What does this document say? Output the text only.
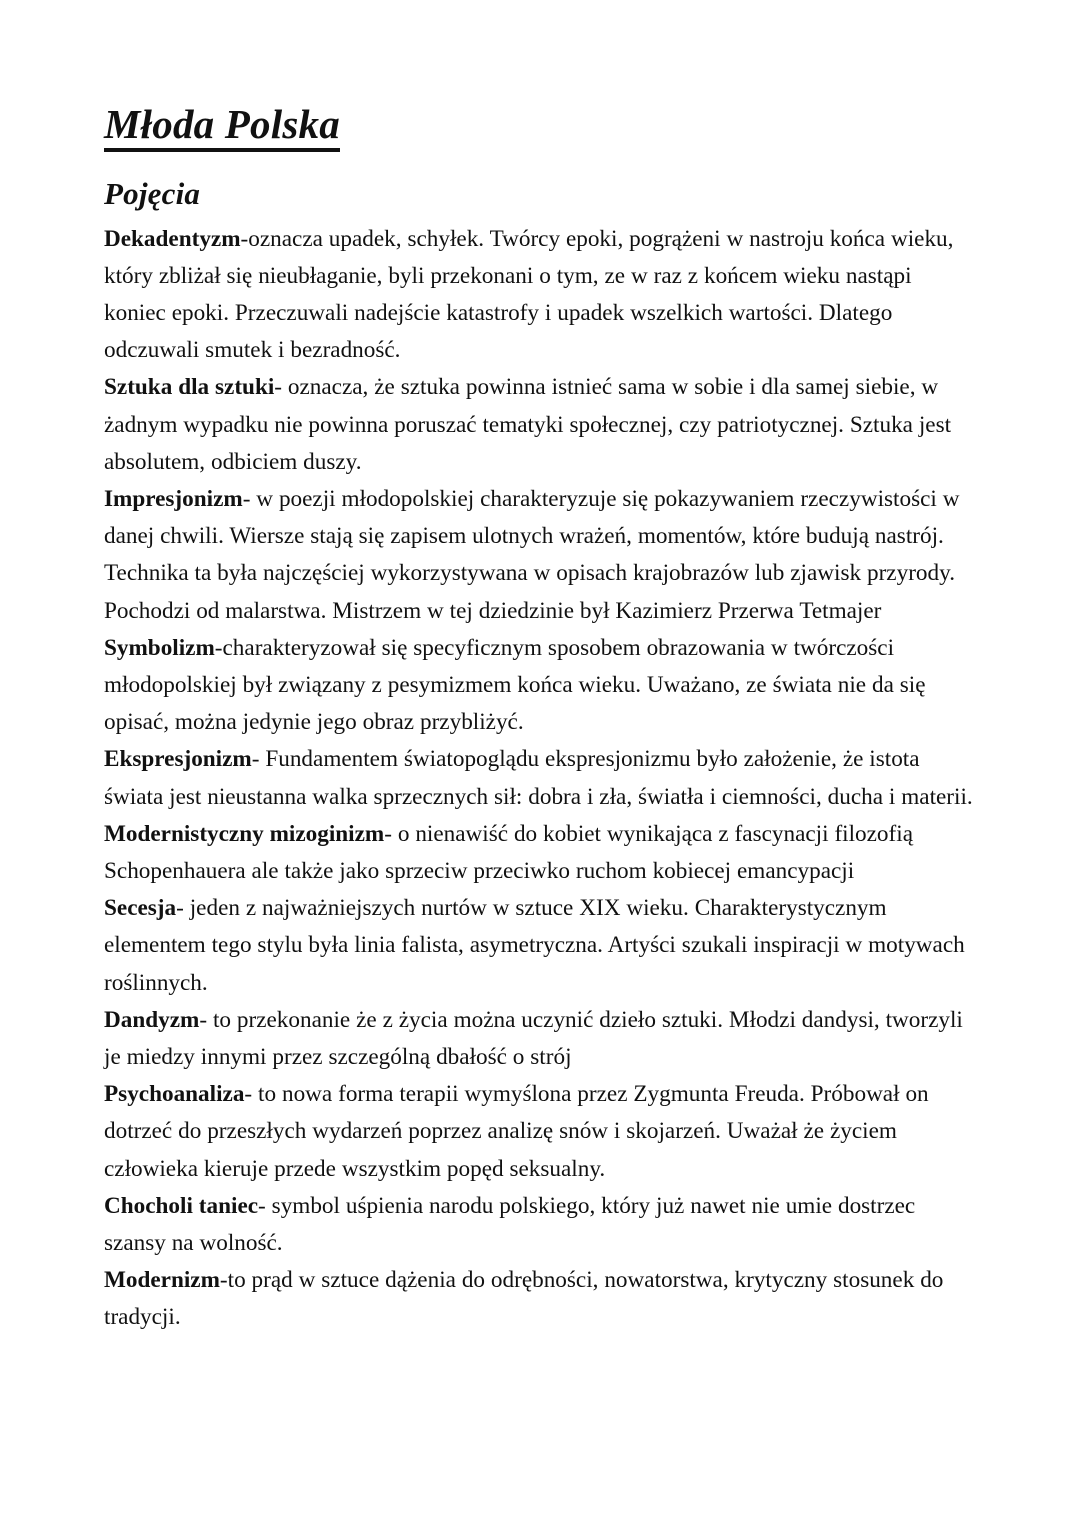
Młoda Polska
Pojęcia

Dekadentyzm-oznacza upadek, schyłek. Twórcy epoki, pogrążeni w nastroju końca wieku, który zbliżał się nieubłaganie, byli przekonani o tym, ze w raz z końcem wieku nastąpi koniec epoki. Przeczuwali nadejście katastrofy i upadek wszelkich wartości. Dlatego odczuwali smutek i bezradność.

Sztuka dla sztuki- oznacza, że sztuka powinna istnieć sama w sobie i dla samej siebie, w żadnym wypadku nie powinna poruszać tematyki społecznej, czy patriotycznej. Sztuka jest absolutem, odbiciem duszy.

Impresjonizm- w poezji młodopolskiej charakteryzuje się pokazywaniem rzeczywistości w danej chwili. Wiersze stają się zapisem ulotnych wrażeń, momentów, które budują nastrój. Technika ta była najczęściej wykorzystywana w opisach krajobrazów lub zjawisk przyrody. Pochodzi od malarstwa. Mistrzem w tej dziedzinie był Kazimierz Przerwa Tetmajer

Symbolizm-charakteryzował się specyficznym sposobem obrazowania w twórczości młodopolskiej był związany z pesymizmem końca wieku. Uważano, ze świata nie da się opisać, można jedynie jego obraz przybliżyć.

Ekspresjonizm- Fundamentem światopoglądu ekspresjonizmu było założenie, że istota świata jest nieustanna walka sprzecznych sił: dobra i zła, światła i ciemności, ducha i materii.

Modernistyczny mizoginizm- o nienawiść do kobiet wynikająca z fascynacji filozofią Schopenhauera ale także jako sprzeciw przeciwko ruchom kobiecej emancypacji

Secesja- jeden z najważniejszych nurtów w sztuce XIX wieku. Charakterystycznym elementem tego stylu była linia falista, asymetryczna. Artyści szukali inspiracji w motywach roślinnych.

Dandyzm- to przekonanie że z życia można uczynić dzieło sztuki. Młodzi dandysi, tworzyli je miedzy innymi przez szczególną dbałość o strój

Psychoanaliza- to nowa forma terapii wymyślona przez Zygmunta Freuda. Próbował on dotrzeć do przeszłych wydarzeń poprzez analizę snów i skojarzeń. Uważał że życiem człowieka kieruje przede wszystkim popęd seksualny.

Chocholi taniec- symbol uśpienia narodu polskiego, który już nawet nie umie dostrzec szansy na wolność.

Modernizm-to prąd w sztuce dążenia do odrębności, nowatorstwa, krytyczny stosunek do tradycji.
